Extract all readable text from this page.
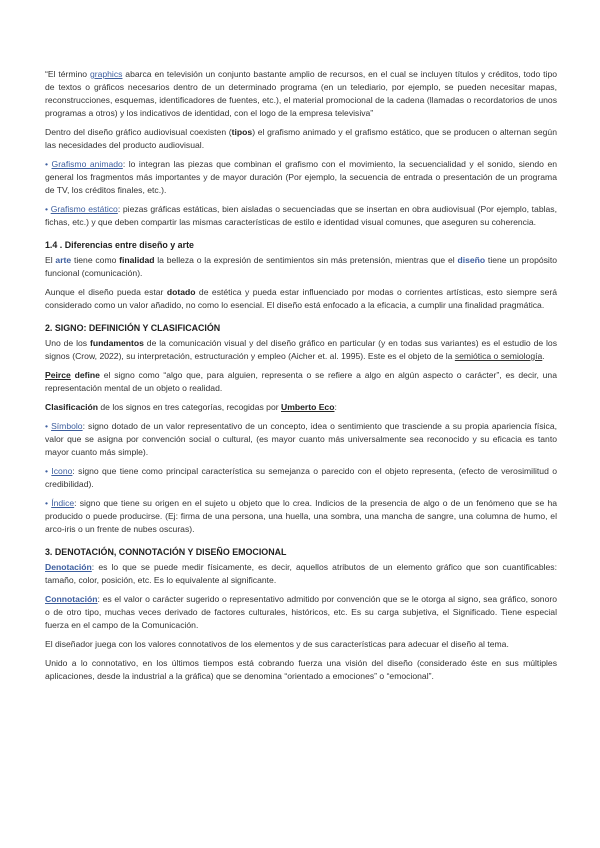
“El término graphics abarca en televisión un conjunto bastante amplio de recursos, en el cual se incluyen títulos y créditos, todo tipo de textos o gráficos necesarios dentro de un determinado programa (en un telediario, por ejemplo, se pueden necesitar mapas, reconstrucciones, esquemas, identificadores de fuentes, etc.), el material promocional de la cadena (llamadas o recordatorios de unos programas a otros) y los indicativos de identidad, con el logo de la empresa televisiva”

Dentro del diseño gráfico audiovisual coexisten (tipos) el grafismo animado y el grafismo estático, que se producen o alternan según las necesidades del producto audiovisual.

• Grafismo animado: lo integran las piezas que combinan el grafismo con el movimiento, la secuencialidad y el sonido, siendo en general los fragmentos más importantes y de mayor duración (Por ejemplo, la secuencia de entrada o presentación de un programa de TV, los créditos finales, etc.).

• Grafismo estático: piezas gráficas estáticas, bien aisladas o secuenciadas que se insertan en obra audiovisual (Por ejemplo, tablas, fichas, etc.) y que deben compartir las mismas características de estilo e identidad visual comunes, que aseguren su coherencia.

1.4 . Diferencias entre diseño y arte

El arte tiene como finalidad la belleza o la expresión de sentimientos sin más pretensión, mientras que el diseño tiene un propósito funcional (comunicación).

Aunque el diseño pueda estar dotado de estética y pueda estar influenciado por modas o corrientes artísticas, esto siempre será considerado como un valor añadido, no como lo esencial. El diseño está enfocado a la eficacia, a cumplir una finalidad pragmática.

2. SIGNO: DEFINICIÓN Y CLASIFICACIÓN

Uno de los fundamentos de la comunicación visual y del diseño gráfico en particular (y en todas sus variantes) es el estudio de los signos (Crow, 2022), su interpretación, estructuración y empleo (Aicher et. al. 1995). Este es el objeto de la semiótica o semiología.

Peirce define el signo como “algo que, para alguien, representa o se refiere a algo en algún aspecto o carácter”, es decir, una representación mental de un objeto o realidad.

Clasificación de los signos en tres categorías, recogidas por Umberto Eco:

• Símbolo: signo dotado de un valor representativo de un concepto, idea o sentimiento que trasciende a su propia apariencia física, valor que se asigna por convención social o cultural, (es mayor cuanto más universalmente sea reconocido y su eficacia es tanto mayor cuanto más simple).

• Icono: signo que tiene como principal característica su semejanza o parecido con el objeto representa, (efecto de verosimilitud o credibilidad).

• Índice: signo que tiene su origen en el sujeto u objeto que lo crea. Indicios de la presencia de algo o de un fenómeno que se ha producido o puede producirse. (Ej: firma de una persona, una huella, una sombra, una mancha de sangre, una columna de humo, el arco-iris o un frente de nubes oscuras).

3. DENOTACIÓN, CONNOTACIÓN Y DISEÑO EMOCIONAL

Denotación: es lo que se puede medir físicamente, es decir, aquellos atributos de un elemento gráfico que son cuantificables: tamaño, color, posición, etc. Es lo equivalente al significante.

Connotación: es el valor o carácter sugerido o representativo admitido por convención que se le otorga al signo, sea gráfico, sonoro o de otro tipo, muchas veces derivado de factores culturales, históricos, etc. Es su carga subjetiva, el Significado. Tiene especial fuerza en el campo de la Comunicación.

El diseñador juega con los valores connotativos de los elementos y de sus características para adecuar el diseño al tema.

Unido a lo connotativo, en los últimos tiempos está cobrando fuerza una visión del diseño (considerado éste en sus múltiples aplicaciones, desde la industrial a la gráfica) que se denomina “orientado a emociones” o “emocional”.
